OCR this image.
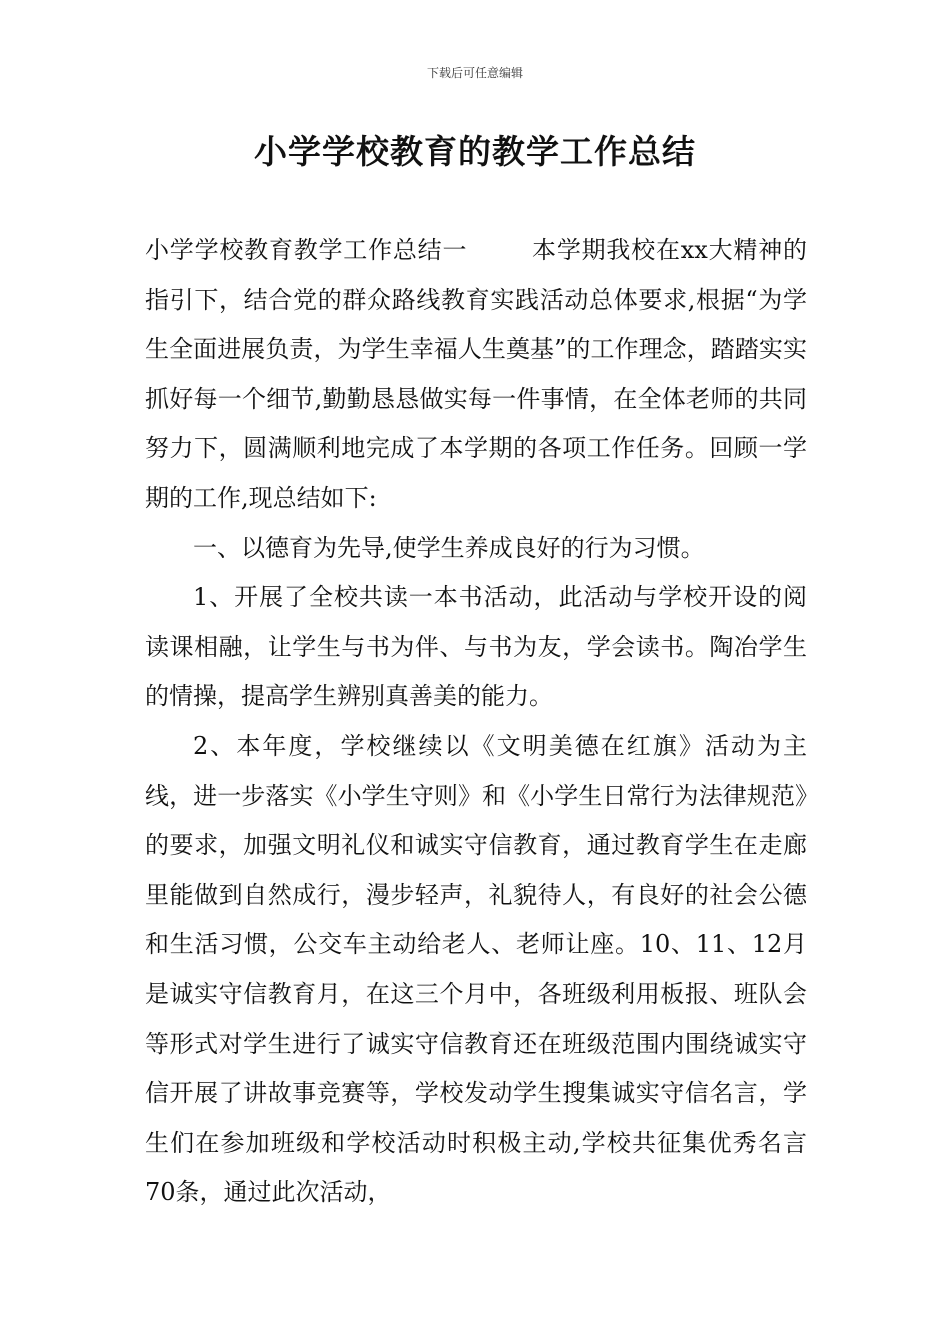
下载后可任意编辑
小学学校教育的教学工作总结

小学学校教育教学工作总结一	本学期我校在xx大精神的指引下，结合党的群众路线教育实践活动总体要求,根据“为学生全面进展负责，为学生幸福人生奠基”的工作理念，踏踏实实抓好每一个细节,勤勤恳恳做实每一件事情，在全体老师的共同努力下，圆满顺利地完成了本学期的各项工作任务。回顾一学期的工作,现总结如下:

一、以德育为先导,使学生养成良好的行为习惯。

1、开展了全校共读一本书活动，此活动与学校开设的阅读课相融，让学生与书为伴、与书为友，学会读书。陶冶学生的情操，提高学生辨别真善美的能力。

2、本年度，学校继续以《文明美德在红旗》活动为主线，进一步落实《小学生守则》和《小学生日常行为法律规范》的要求，加强文明礼仪和诚实守信教育，通过教育学生在走廊里能做到自然成行，漫步轻声，礼貌待人，有良好的社会公德和生活习惯，公交车主动给老人、老师让座。10、11、12月是诚实守信教育月，在这三个月中，各班级利用板报、班队会等形式对学生进行了诚实守信教育还在班级范围内围绕诚实守信开展了讲故事竞赛等，学校发动学生搜集诚实守信名言，学生们在参加班级和学校活动时积极主动,学校共征集优秀名言70条，通过此次活动，
